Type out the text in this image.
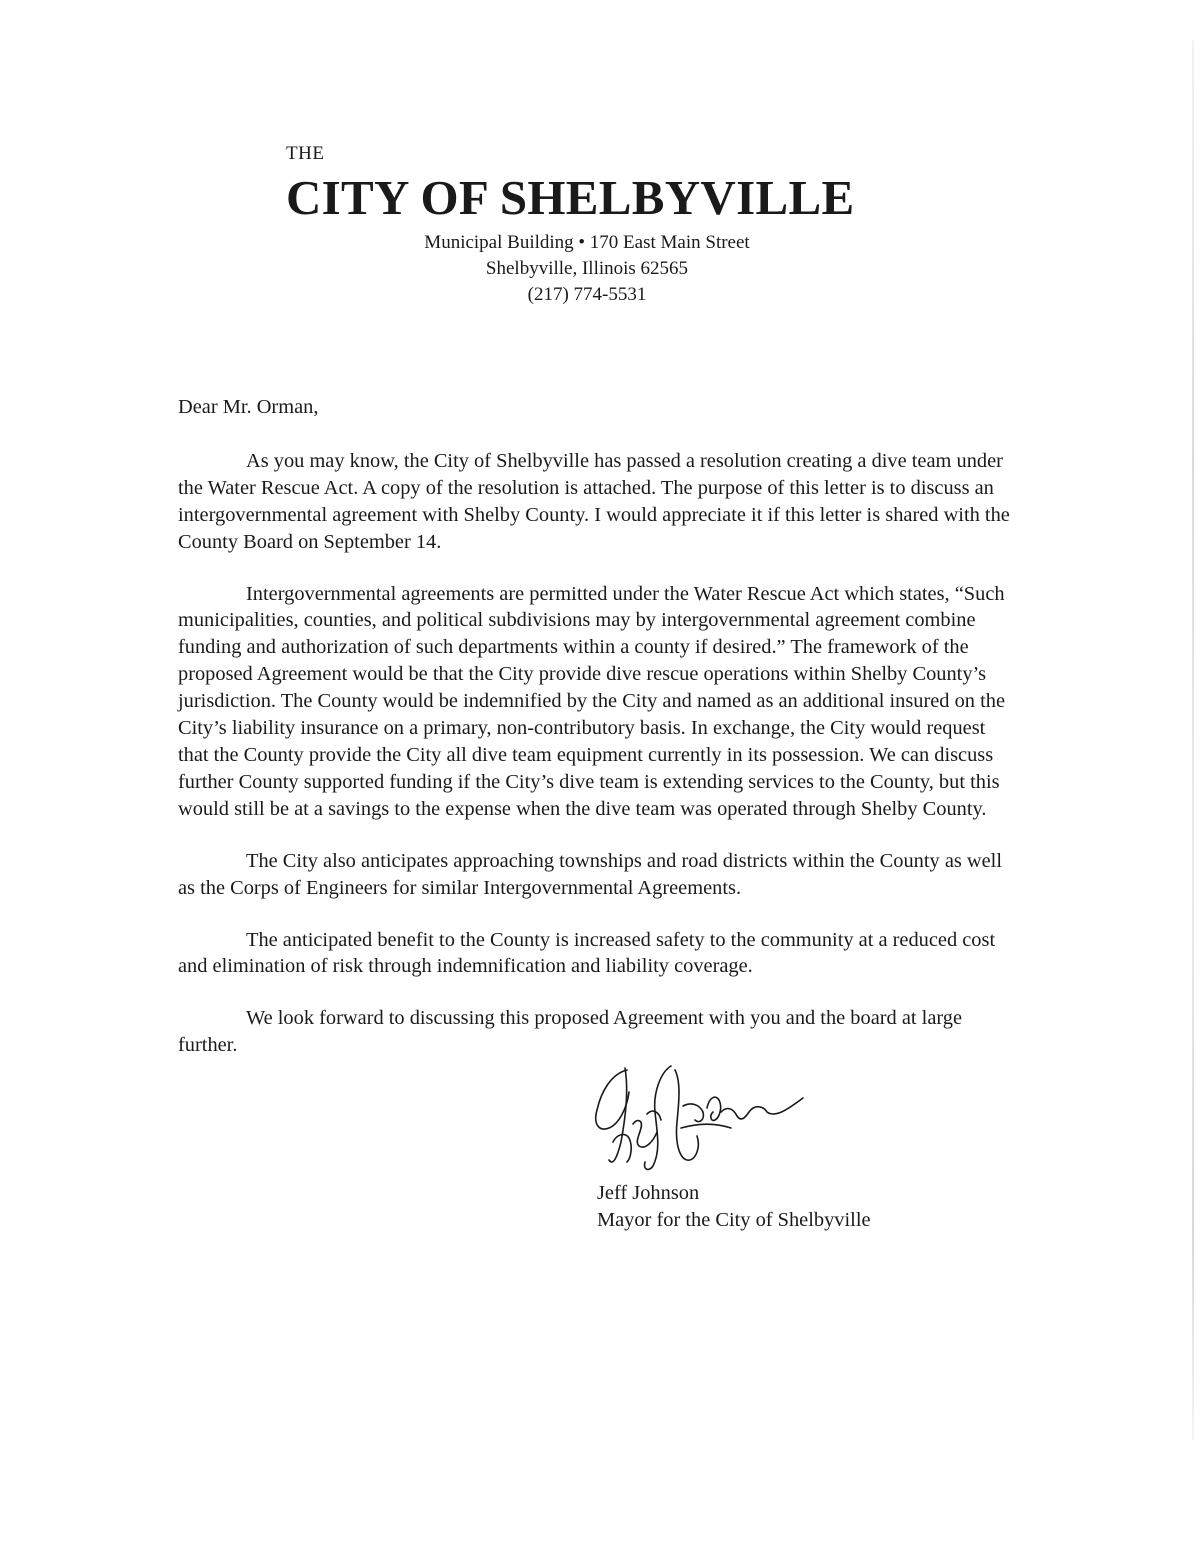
THE
CITY OF SHELBYVILLE
Municipal Building • 170 East Main Street
Shelbyville, Illinois 62565
(217) 774-5531

Dear Mr. Orman,

As you may know, the City of Shelbyville has passed a resolution creating a dive team under the Water Rescue Act. A copy of the resolution is attached. The purpose of this letter is to discuss an intergovernmental agreement with Shelby County. I would appreciate it if this letter is shared with the County Board on September 14.

Intergovernmental agreements are permitted under the Water Rescue Act which states, “Such municipalities, counties, and political subdivisions may by intergovernmental agreement combine funding and authorization of such departments within a county if desired.” The framework of the proposed Agreement would be that the City provide dive rescue operations within Shelby County’s jurisdiction. The County would be indemnified by the City and named as an additional insured on the City’s liability insurance on a primary, non-contributory basis. In exchange, the City would request that the County provide the City all dive team equipment currently in its possession. We can discuss further County supported funding if the City’s dive team is extending services to the County, but this would still be at a savings to the expense when the dive team was operated through Shelby County.

The City also anticipates approaching townships and road districts within the County as well as the Corps of Engineers for similar Intergovernmental Agreements.

The anticipated benefit to the County is increased safety to the community at a reduced cost and elimination of risk through indemnification and liability coverage.

We look forward to discussing this proposed Agreement with you and the board at large further.

Jeff Johnson
Mayor for the City of Shelbyville
